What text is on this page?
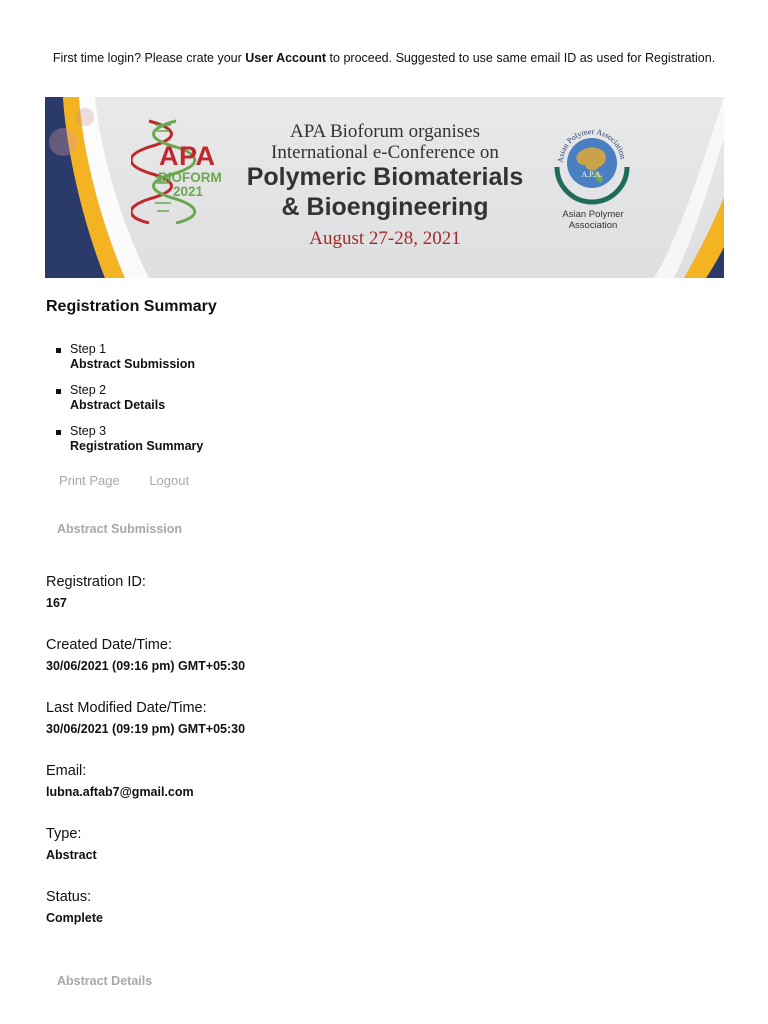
First time login? Please crate your User Account to proceed. Suggested to use same email ID as used for Registration.
APA
BIOFORM
2021
APA Bioforum organises
International e-Conference on
Polymeric Biomaterials
& Bioengineering
August 27-28, 2021
Asian Polymer Association
A.P.A.
Asian Polymer Association
Registration Summary
Step 1
Abstract Submission
Step 2
Abstract Details
Step 3
Registration Summary
Print Page Logout
Abstract Submission
Registration ID:
167
Created Date/Time:
30/06/2021 (09:16 pm) GMT+05:30
Last Modified Date/Time:
30/06/2021 (09:19 pm) GMT+05:30
Email:
lubna.aftab7@gmail.com
Type:
Abstract
Status:
Complete
Abstract Details
